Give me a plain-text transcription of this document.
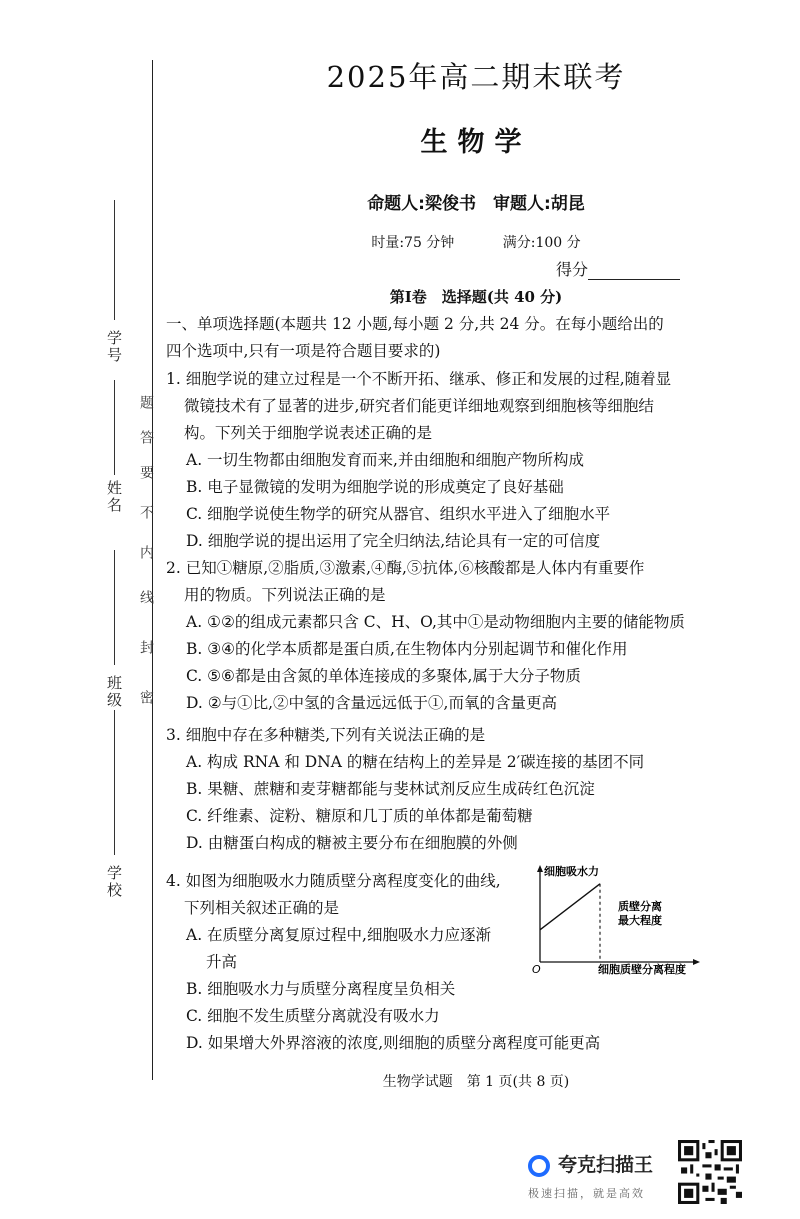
学号
姓名
班级
学校
密
封
线
内
不
要
答
题
2025年高二期末联考
生物学
命题人:梁俊书　审题人:胡昆
时量:75 分钟	满分:100 分
得分
第Ⅰ卷　选择题(共 40 分)
一、单项选择题(本题共 12 小题,每小题 2 分,共 24 分。在每小题给出的
四个选项中,只有一项是符合题目要求的)
1. 细胞学说的建立过程是一个不断开拓、继承、修正和发展的过程,随着显
微镜技术有了显著的进步,研究者们能更详细地观察到细胞核等细胞结
构。下列关于细胞学说表述正确的是
A. 一切生物都由细胞发育而来,并由细胞和细胞产物所构成
B. 电子显微镜的发明为细胞学说的形成奠定了良好基础
C. 细胞学说使生物学的研究从器官、组织水平进入了细胞水平
D. 细胞学说的提出运用了完全归纳法,结论具有一定的可信度
2. 已知①糖原,②脂质,③激素,④酶,⑤抗体,⑥核酸都是人体内有重要作
用的物质。下列说法正确的是
A. ①②的组成元素都只含 C、H、O,其中①是动物细胞内主要的储能物质
B. ③④的化学本质都是蛋白质,在生物体内分别起调节和催化作用
C. ⑤⑥都是由含氮的单体连接成的多聚体,属于大分子物质
D. ②与①比,②中氢的含量远远低于①,而氧的含量更高
3. 细胞中存在多种糖类,下列有关说法正确的是
A. 构成 RNA 和 DNA 的糖在结构上的差异是 2′碳连接的基团不同
B. 果糖、蔗糖和麦芽糖都能与斐林试剂反应生成砖红色沉淀
C. 纤维素、淀粉、糖原和几丁质的单体都是葡萄糖
D. 由糖蛋白构成的糖被主要分布在细胞膜的外侧
4. 如图为细胞吸水力随质壁分离程度变化的曲线,
下列相关叙述正确的是
A. 在质壁分离复原过程中,细胞吸水力应逐渐
升高
B. 细胞吸水力与质壁分离程度呈负相关
C. 细胞不发生质壁分离就没有吸水力
D. 如果增大外界溶液的浓度,则细胞的质壁分离程度可能更高
细胞吸水力
细胞质壁分离程度
O
质壁分离
最大程度
生物学试题　第 1 页(共 8 页)
夸克扫描王
极速扫描，就是高效
